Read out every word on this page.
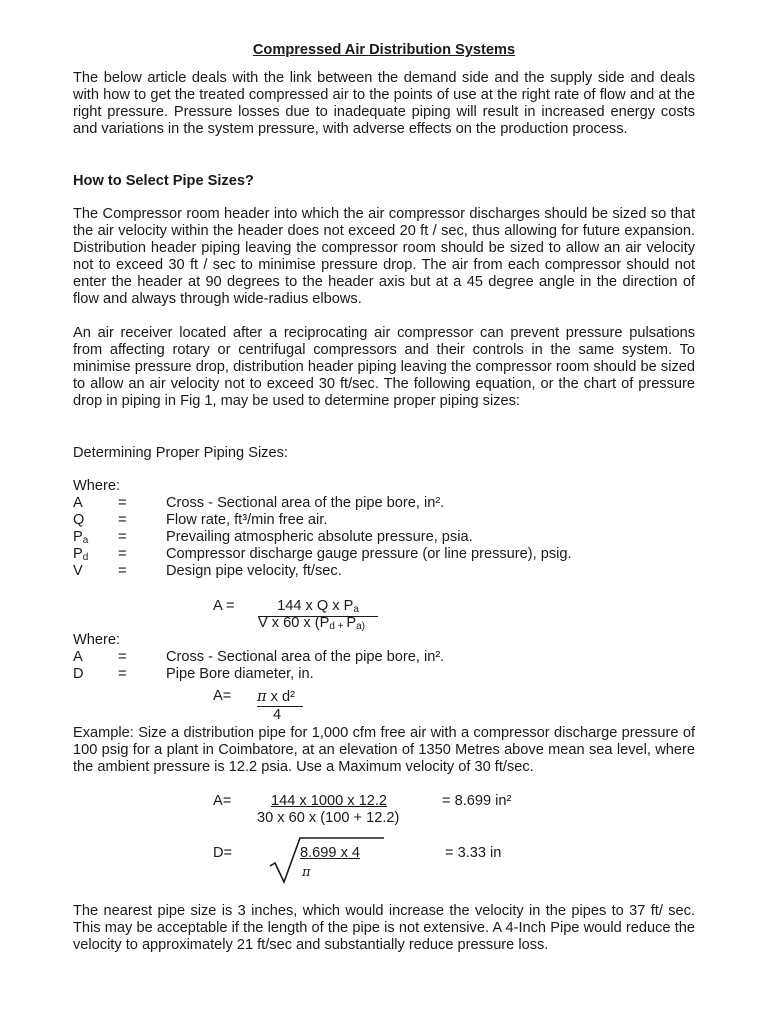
Compressed Air Distribution Systems
The below article deals with the link between the demand side and the supply side and deals with how to get the treated compressed air to the points of use at the right rate of flow and at the right pressure. Pressure losses due to inadequate piping will result in increased energy costs and variations in the system pressure, with adverse effects on the production process.
How to Select Pipe Sizes?
The Compressor room header into which the air compressor discharges should be sized so that the air velocity within the header does not exceed 20 ft / sec, thus allowing for future expansion. Distribution header piping leaving the compressor room should be sized to allow an air velocity not to exceed 30 ft / sec to minimise pressure drop. The air from each compressor should not enter the header at 90 degrees to the header axis but at a 45 degree angle in the direction of flow and always through wide-radius elbows.
An air receiver located after a reciprocating air compressor can prevent pressure pulsations from affecting rotary or centrifugal compressors and their controls in the same system. To minimise pressure drop, distribution header piping leaving the compressor room should be sized to allow an air velocity not to exceed 30 ft/sec. The following equation, or the chart of pressure drop in piping in Fig 1, may be used to determine proper piping sizes:
Determining Proper Piping Sizes:
Where:
A =	Cross - Sectional area of the pipe bore, in².
Q =	Flow rate, ft³/min free air.
$P_a$ =	Prevailing atmospheric absolute pressure, psia.
$P_d$ =	Compressor discharge gauge pressure (or line pressure), psig.
V =	Design pipe velocity, ft/sec.
A =	144 x Q x $P_a$
V x 60 x ($P_{d +}$ $P_{a)}$
Where:
A =	Cross - Sectional area of the pipe bore, in².
D =	Pipe Bore diameter, in.
A= π x d²
4
Example: Size a distribution pipe for 1,000 cfm free air with a compressor discharge pressure of 100 psig for a plant in Coimbatore, at an elevation of 1350 Metres above mean sea level, where the ambient pressure is 12.2 psia. Use a Maximum velocity of 30 ft/sec.
A=	144 x 1000 x 12.2
30 x 60 x (100 + 12.2)
= 8.699 in²
D=	8.699 x 4
π
= 3.33 in
The nearest pipe size is 3 inches, which would increase the velocity in the pipes to 37 ft/ sec. This may be acceptable if the length of the pipe is not extensive. A 4-Inch Pipe would reduce the velocity to approximately 21 ft/sec and substantially reduce pressure loss.
